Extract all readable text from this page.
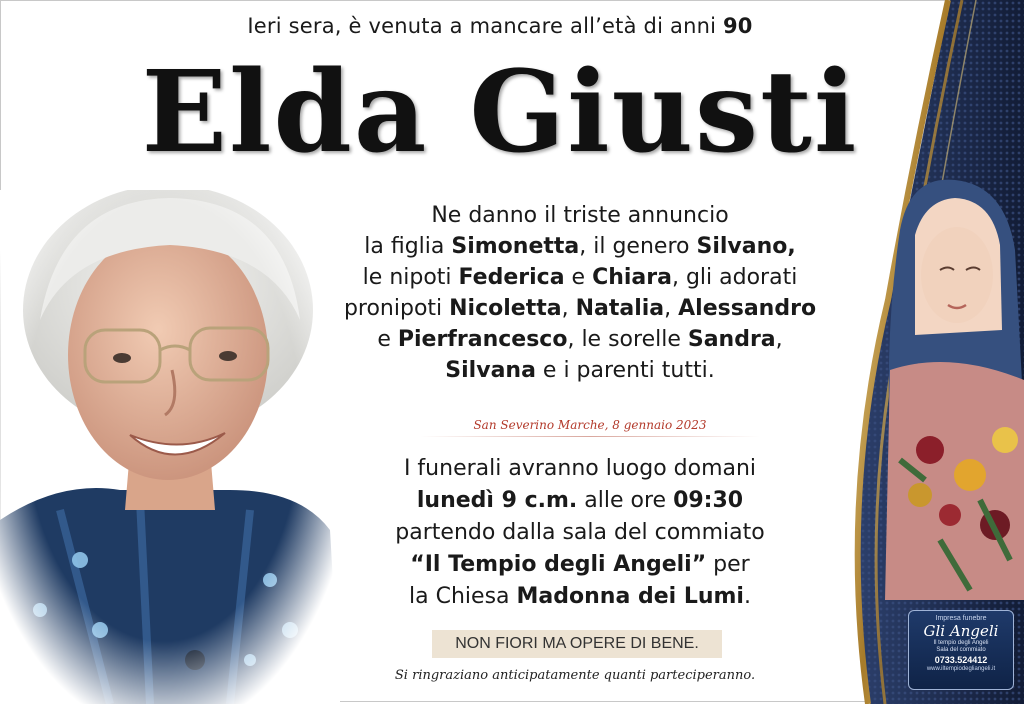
Ieri sera, è venuta a mancare all’età di anni 90
Elda Giusti
Ne danno il triste annuncio
la figlia Simonetta, il genero Silvano,
le nipoti Federica e Chiara, gli adorati
pronipoti Nicoletta, Natalia, Alessandro
e Pierfrancesco, le sorelle Sandra,
Silvana e i parenti tutti.
San Severino Marche, 8 gennaio 2023
I funerali avranno luogo domani
lunedì 9 c.m. alle ore 09:30
partendo dalla sala del commiato
“Il Tempio degli Angeli” per
la Chiesa Madonna dei Lumi.
NON FIORI MA OPERE DI BENE.
Si ringraziano anticipatamente quanti parteciperanno.
Impresa funebre
Gli Angeli
Il tempio degli Angeli
Sala del commiato
0733.524412
www.iltempiodegliangeli.it
